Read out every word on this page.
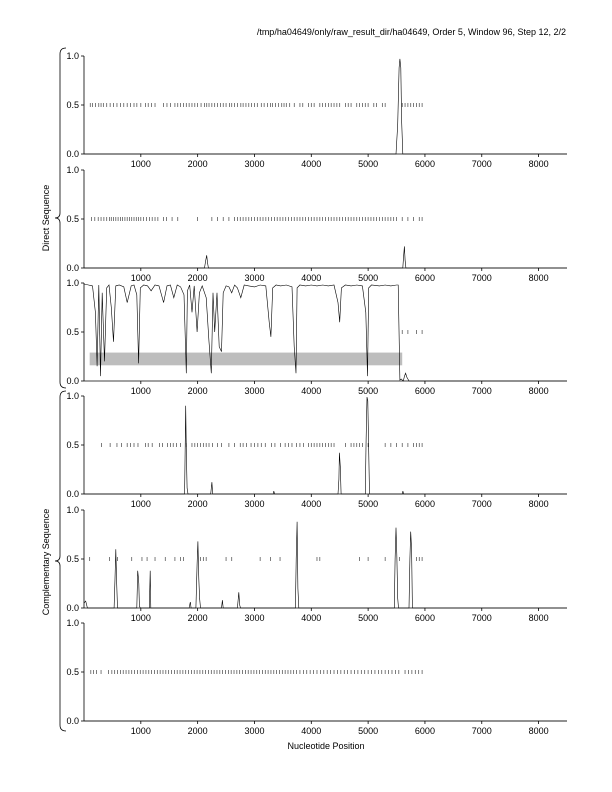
/tmp/ha04649/only/raw_result_dir/ha04649, Order 5, Window 96, Step 12, 2/2
0.0
0.5
1.0
1000	2000	3000	4000	5000	6000	7000	8000
0.0
0.5
1.0
1000	2000	3000	4000	5000	6000	7000	8000
0.0
0.5
1.0
1000	2000	3000	4000	5000	6000	7000	8000
0.0
0.5
1.0
1000	2000	3000	4000	5000	6000	7000	8000
0.0
0.5
1.0
1000	2000	3000	4000	5000	6000	7000	8000
0.0
0.5
1.0
1000	2000	3000	4000	5000	6000	7000	8000
Direct Sequence
Complementary Sequence
Nucleotide Position
